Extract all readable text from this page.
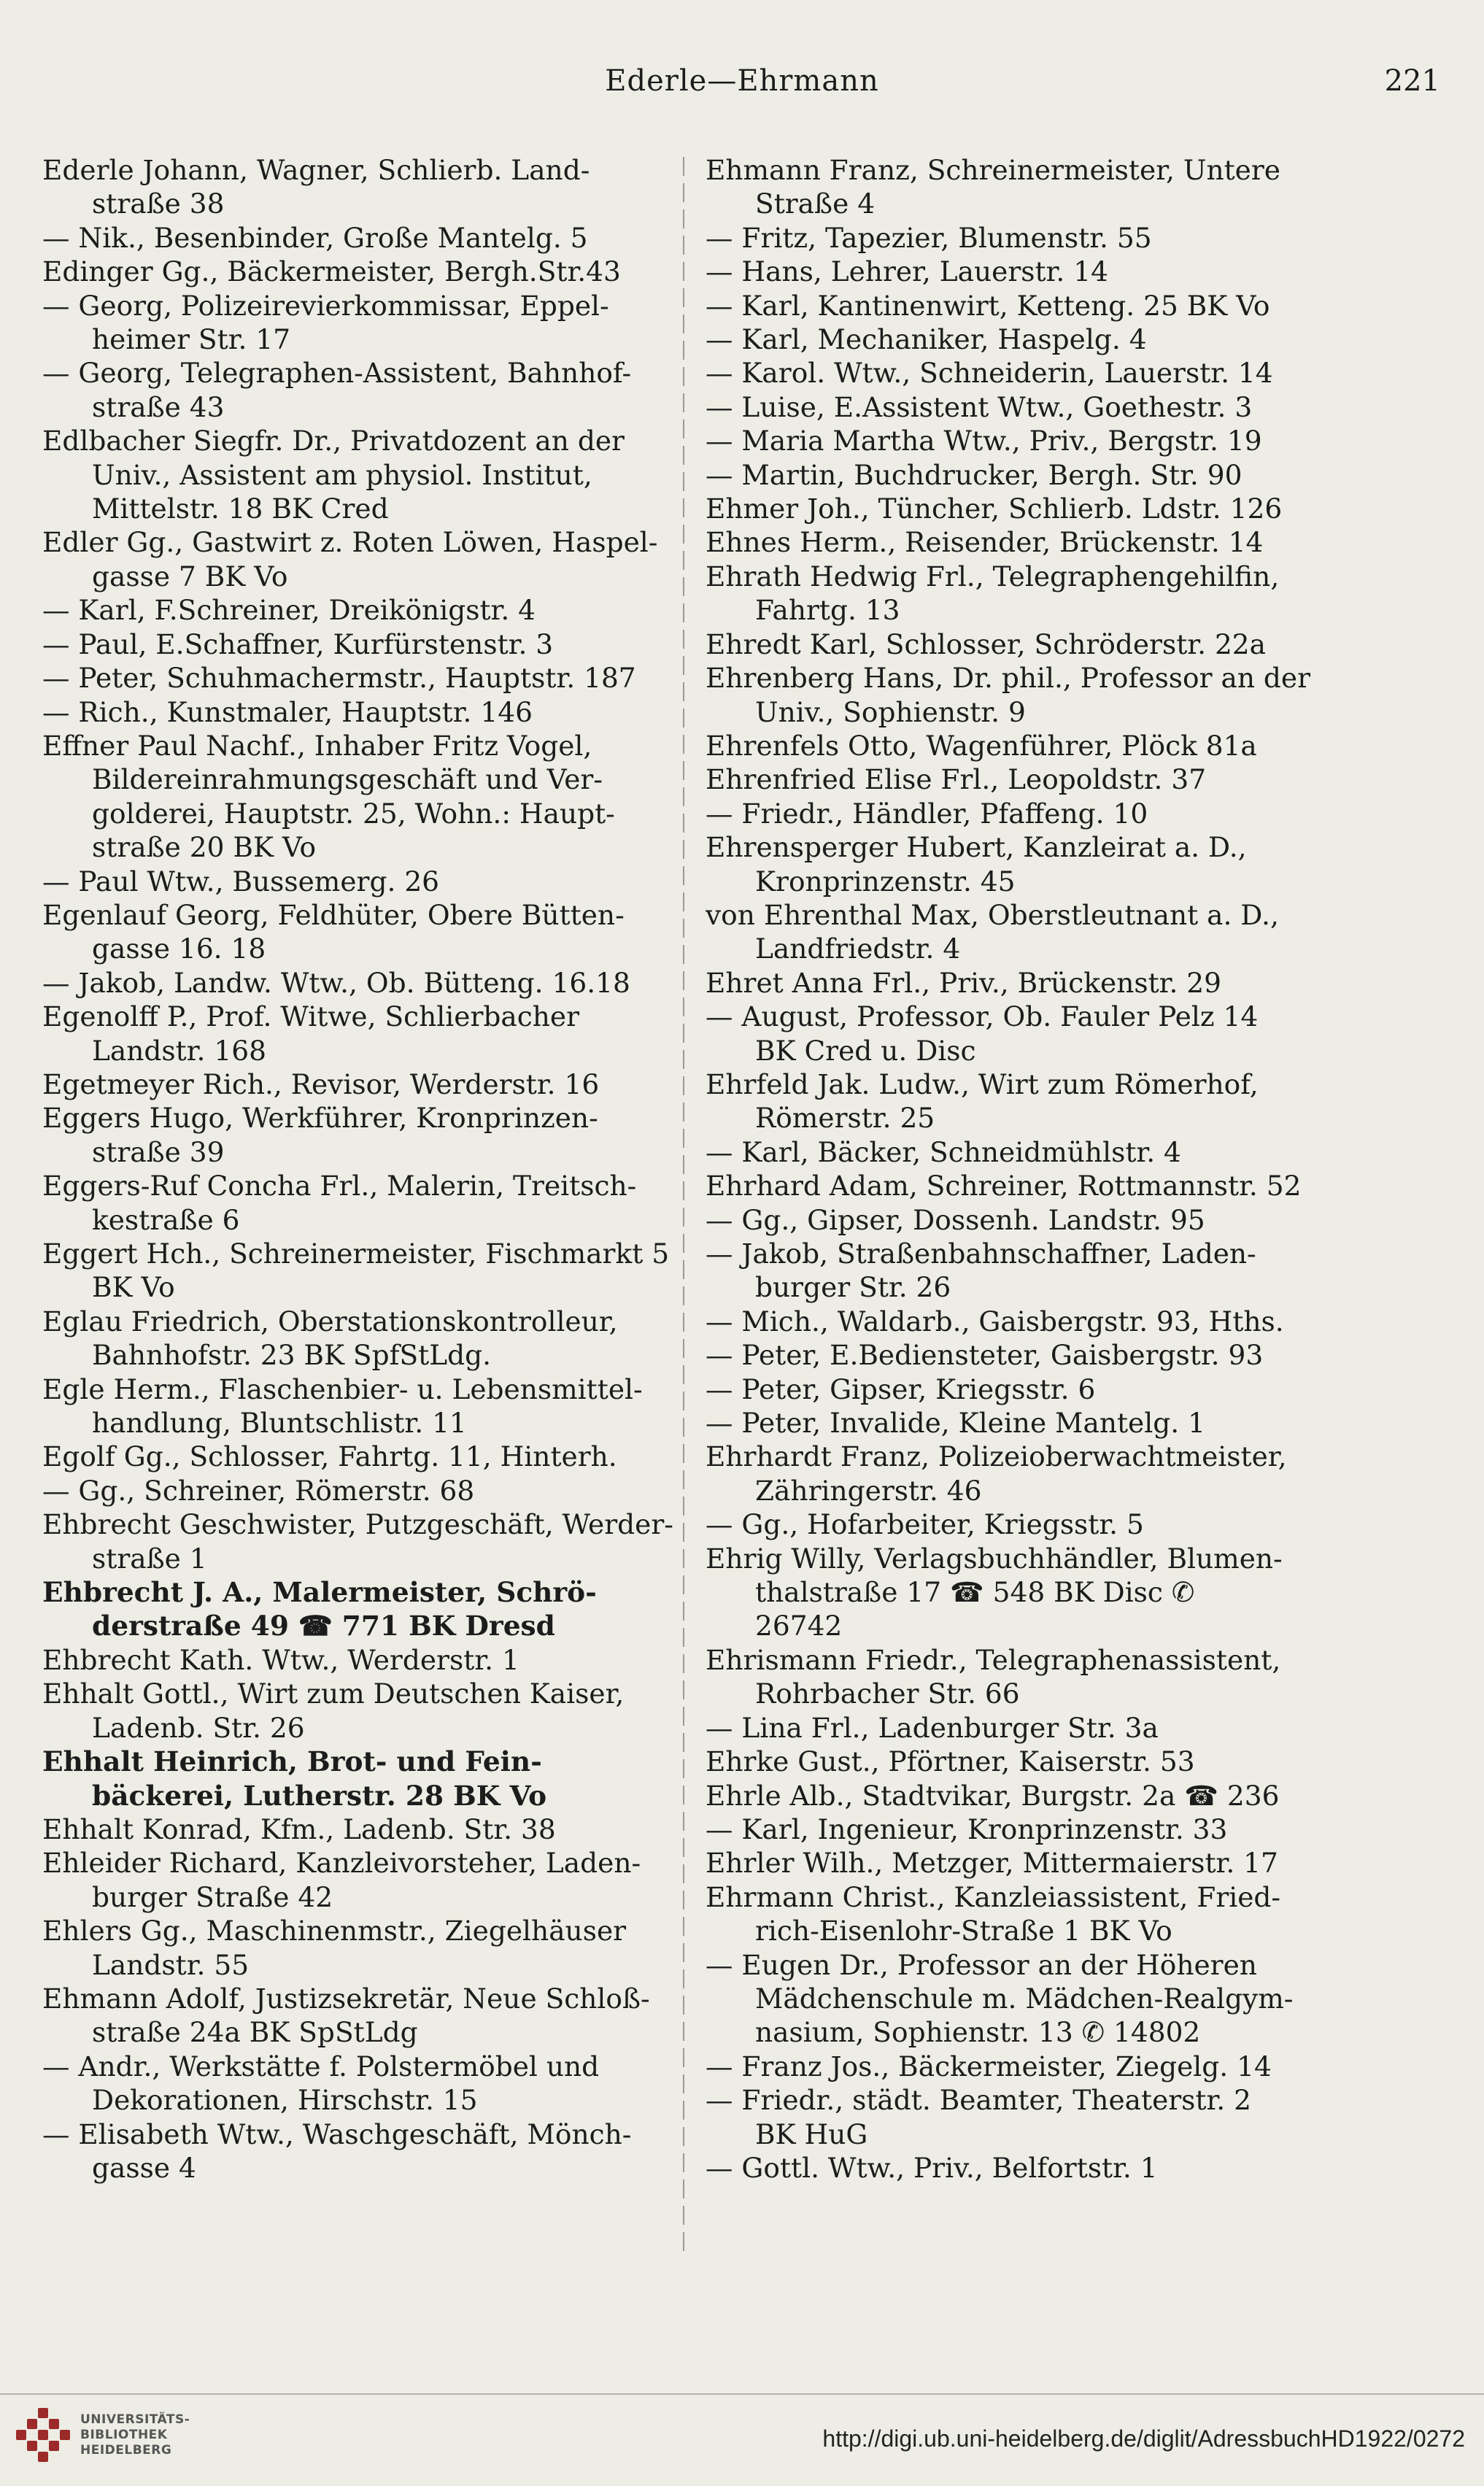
Ederle—Ehrmann	221

Ederle Johann, Wagner, Schlierb. Land-

straße 38

— Nik., Besenbinder, Große Mantelg. 5

Edinger Gg., Bäckermeister, Bergh.Str.43

— Georg, Polizeirevierkommissar, Eppel-

heimer Str. 17

— Georg, Telegraphen-Assistent, Bahnhof-

straße 43

Edlbacher Siegfr. Dr., Privatdozent an der

Univ., Assistent am physiol. Institut,

Mittelstr. 18 BK Cred

Edler Gg., Gastwirt z. Roten Löwen, Haspel-

gasse 7 BK Vo

— Karl, F.Schreiner, Dreikönigstr. 4

— Paul, E.Schaffner, Kurfürstenstr. 3

— Peter, Schuhmachermstr., Hauptstr. 187

— Rich., Kunstmaler, Hauptstr. 146

Effner Paul Nachf., Inhaber Fritz Vogel,

Bildereinrahmungsgeschäft und Ver-

golderei, Hauptstr. 25, Wohn.: Haupt-

straße 20 BK Vo

— Paul Wtw., Bussemerg. 26

Egenlauf Georg, Feldhüter, Obere Bütten-

gasse 16. 18

— Jakob, Landw. Wtw., Ob. Bütteng. 16.18

Egenolff P., Prof. Witwe, Schlierbacher

Landstr. 168

Egetmeyer Rich., Revisor, Werderstr. 16

Eggers Hugo, Werkführer, Kronprinzen-

straße 39

Eggers-Ruf Concha Frl., Malerin, Treitsch-

kestraße 6

Eggert Hch., Schreinermeister, Fischmarkt 5

BK Vo

Eglau Friedrich, Oberstationskontrolleur,

Bahnhofstr. 23 BK SpfStLdg.

Egle Herm., Flaschenbier- u. Lebensmittel-

handlung, Bluntschlistr. 11

Egolf Gg., Schlosser, Fahrtg. 11, Hinterh.

— Gg., Schreiner, Römerstr. 68

Ehbrecht Geschwister, Putzgeschäft, Werder-

straße 1

Ehbrecht J. A., Malermeister, Schrö-

derstraße 49 ☎ 771 BK Dresd

Ehbrecht Kath. Wtw., Werderstr. 1

Ehhalt Gottl., Wirt zum Deutschen Kaiser,

Ladenb. Str. 26

Ehhalt Heinrich, Brot- und Fein-

bäckerei, Lutherstr. 28 BK Vo

Ehhalt Konrad, Kfm., Ladenb. Str. 38

Ehleider Richard, Kanzleivorsteher, Laden-

burger Straße 42

Ehlers Gg., Maschinenmstr., Ziegelhäuser

Landstr. 55

Ehmann Adolf, Justizsekretär, Neue Schloß-

straße 24a BK SpStLdg

— Andr., Werkstätte f. Polstermöbel und

Dekorationen, Hirschstr. 15

— Elisabeth Wtw., Waschgeschäft, Mönch-

gasse 4

Ehmann Franz, Schreinermeister, Untere

Straße 4

— Fritz, Tapezier, Blumenstr. 55

— Hans, Lehrer, Lauerstr. 14

— Karl, Kantinenwirt, Ketteng. 25 BK Vo

— Karl, Mechaniker, Haspelg. 4

— Karol. Wtw., Schneiderin, Lauerstr. 14

— Luise, E.Assistent Wtw., Goethestr. 3

— Maria Martha Wtw., Priv., Bergstr. 19

— Martin, Buchdrucker, Bergh. Str. 90

Ehmer Joh., Tüncher, Schlierb. Ldstr. 126

Ehnes Herm., Reisender, Brückenstr. 14

Ehrath Hedwig Frl., Telegraphengehilfin,

Fahrtg. 13

Ehredt Karl, Schlosser, Schröderstr. 22a

Ehrenberg Hans, Dr. phil., Professor an der

Univ., Sophienstr. 9

Ehrenfels Otto, Wagenführer, Plöck 81a

Ehrenfried Elise Frl., Leopoldstr. 37

— Friedr., Händler, Pfaffeng. 10

Ehrensperger Hubert, Kanzleirat a. D.,

Kronprinzenstr. 45

von Ehrenthal Max, Oberstleutnant a. D.,

Landfriedstr. 4

Ehret Anna Frl., Priv., Brückenstr. 29

— August, Professor, Ob. Fauler Pelz 14

BK Cred u. Disc

Ehrfeld Jak. Ludw., Wirt zum Römerhof,

Römerstr. 25

— Karl, Bäcker, Schneidmühlstr. 4

Ehrhard Adam, Schreiner, Rottmannstr. 52

— Gg., Gipser, Dossenh. Landstr. 95

— Jakob, Straßenbahnschaffner, Laden-

burger Str. 26

— Mich., Waldarb., Gaisbergstr. 93, Hths.

— Peter, E.Bediensteter, Gaisbergstr. 93

— Peter, Gipser, Kriegsstr. 6

— Peter, Invalide, Kleine Mantelg. 1

Ehrhardt Franz, Polizeioberwachtmeister,

Zähringerstr. 46

— Gg., Hofarbeiter, Kriegsstr. 5

Ehrig Willy, Verlagsbuchhändler, Blumen-

thalstraße 17 ☎ 548 BK Disc ✆

26742

Ehrismann Friedr., Telegraphenassistent,

Rohrbacher Str. 66

— Lina Frl., Ladenburger Str. 3a

Ehrke Gust., Pförtner, Kaiserstr. 53

Ehrle Alb., Stadtvikar, Burgstr. 2a ☎ 236

— Karl, Ingenieur, Kronprinzenstr. 33

Ehrler Wilh., Metzger, Mittermaierstr. 17

Ehrmann Christ., Kanzleiassistent, Fried-

rich-Eisenlohr-Straße 1 BK Vo

— Eugen Dr., Professor an der Höheren

Mädchenschule m. Mädchen-Realgym-

nasium, Sophienstr. 13 ✆ 14802

— Franz Jos., Bäckermeister, Ziegelg. 14

— Friedr., städt. Beamter, Theaterstr. 2

BK HuG

— Gottl. Wtw., Priv., Belfortstr. 1

UNIVERSITÄTS-
BIBLIOTHEK
HEIDELBERG	http://digi.ub.uni-heidelberg.de/diglit/AdressbuchHD1922/0272
